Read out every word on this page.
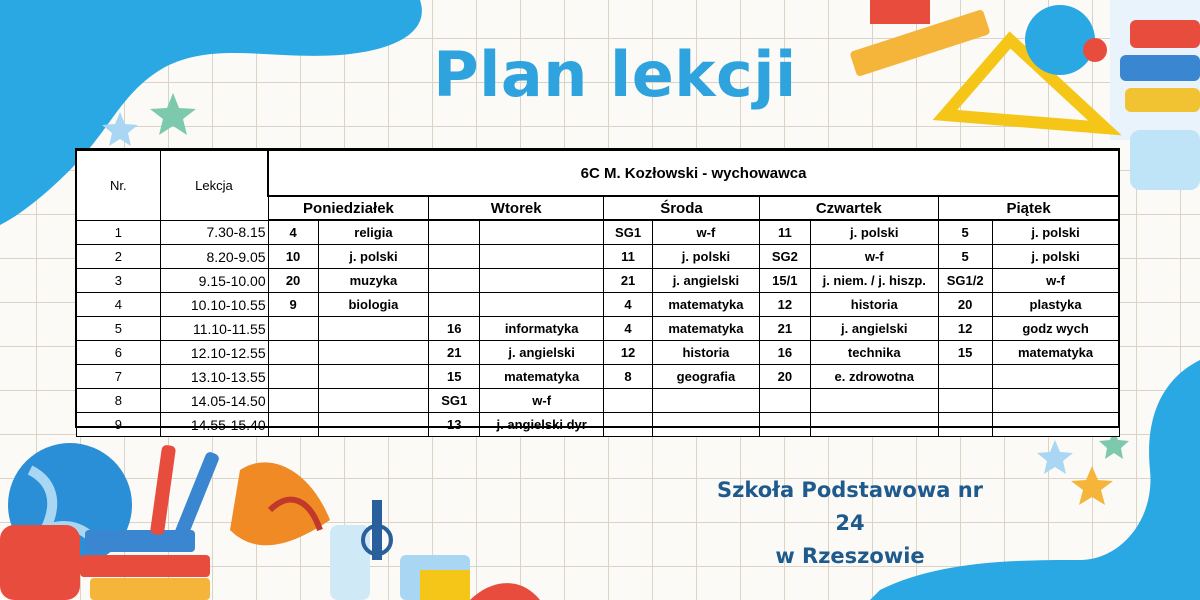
Plan lekcji
Nr.	Lekcja	6C M. Kozłowski - wychowawca									
		Poniedziałek		Wtorek		Środa		Czwartek		Piątek	
1	7.30-8.15	4	religia			SG1	w-f	11	j. polski	5	j. polski
2	8.20-9.05	10	j. polski			11	j. polski	SG2	w-f	5	j. polski
3	9.15-10.00	20	muzyka			21	j. angielski	15/1	j. niem. / j. hiszp.	SG1/2	w-f
4	10.10-10.55	9	biologia			4	matematyka	12	historia	20	plastyka
5	11.10-11.55			16	informatyka	4	matematyka	21	j. angielski	12	godz wych
6	12.10-12.55			21	j. angielski	12	historia	16	technika	15	matematyka
7	13.10-13.55			15	matematyka	8	geografia	20	e. zdrowotna		
8	14.05-14.50			SG1	w-f						
9	14.55-15.40			13	j. angielski dyr						
Szkoła Podstawowa nr 24
w Rzeszowie
